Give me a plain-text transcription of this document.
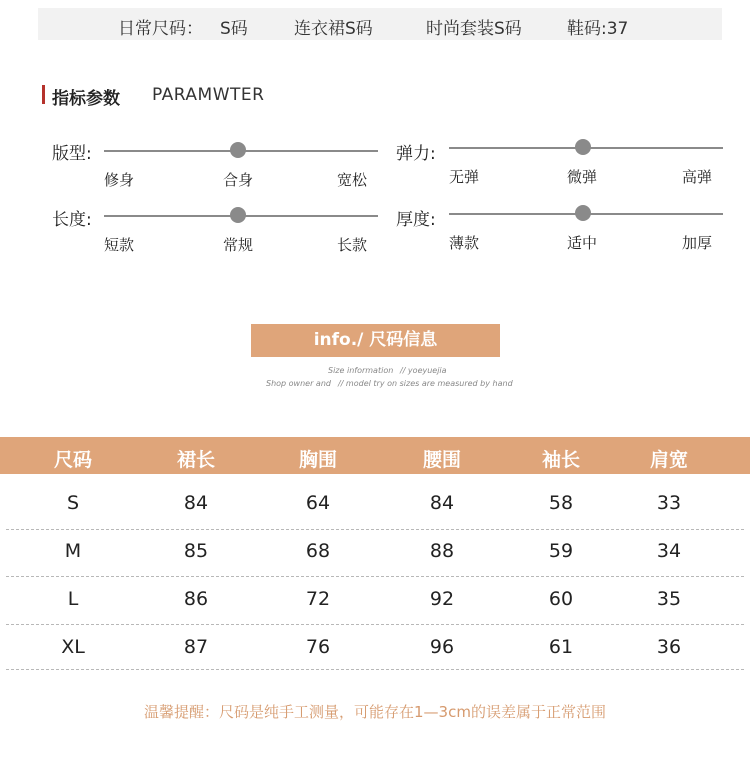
日常尺码： S码	连衣裙S码	时尚套装S码	鞋码:37
指标参数 PARAMWTER
版型:
修身	合身	宽松
弹力:
无弹	微弹	高弹
长度:
短款	常规	长款
厚度:
薄款	适中	加厚
info./ 尺码信息
Size information // yoeyuejia
Shop owner and // model try on sizes are measured by hand
尺码	裙长	胸围	腰围	袖长	肩宽
S	84	64	84	58	33
M	85	68	88	59	34
L	86	72	92	60	35
XL	87	76	96	61	36
温馨提醒：尺码是纯手工测量，可能存在1—3cm的误差属于正常范围
